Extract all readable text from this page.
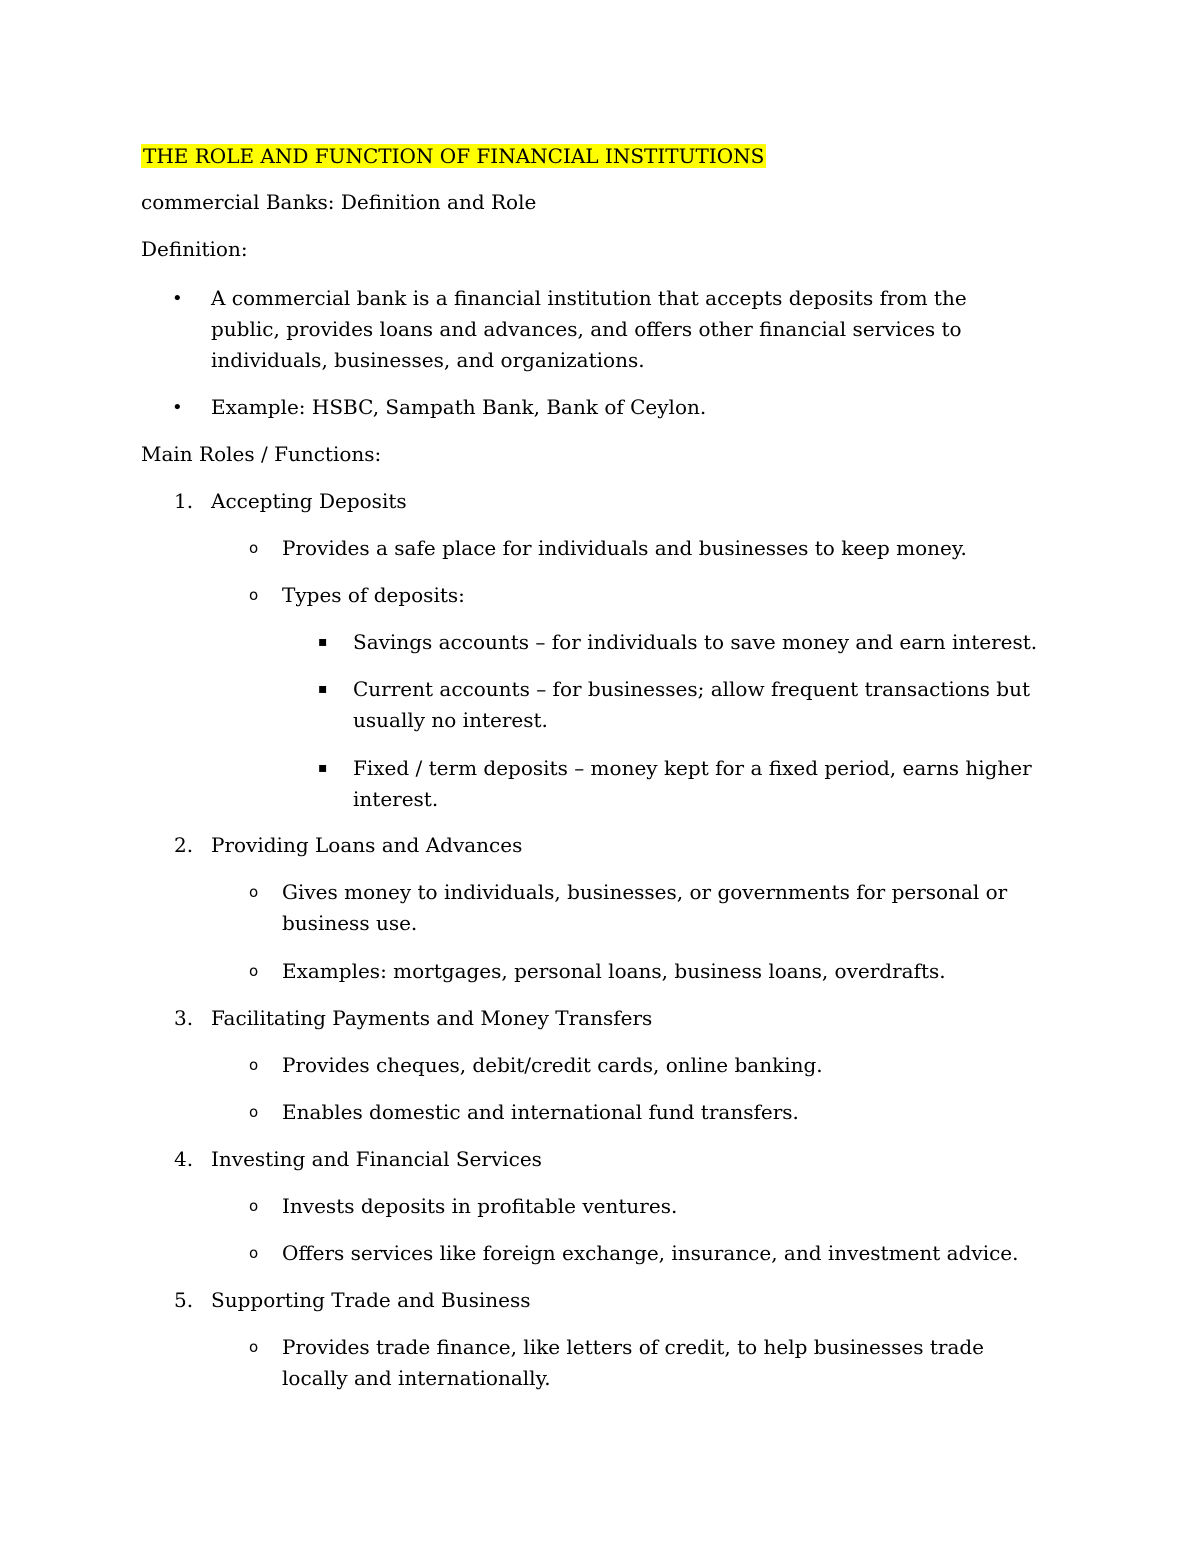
THE ROLE AND FUNCTION OF FINANCIAL INSTITUTIONS
commercial Banks: Definition and Role
Definition:
• A commercial bank is a financial institution that accepts deposits from the public, provides loans and advances, and offers other financial services to individuals, businesses, and organizations.
• Example: HSBC, Sampath Bank, Bank of Ceylon.
Main Roles / Functions:
1. Accepting Deposits
o Provides a safe place for individuals and businesses to keep money.
o Types of deposits:
▪ Savings accounts – for individuals to save money and earn interest.
▪ Current accounts – for businesses; allow frequent transactions but usually no interest.
▪ Fixed / term deposits – money kept for a fixed period, earns higher interest.
2. Providing Loans and Advances
o Gives money to individuals, businesses, or governments for personal or business use.
o Examples: mortgages, personal loans, business loans, overdrafts.
3. Facilitating Payments and Money Transfers
o Provides cheques, debit/credit cards, online banking.
o Enables domestic and international fund transfers.
4. Investing and Financial Services
o Invests deposits in profitable ventures.
o Offers services like foreign exchange, insurance, and investment advice.
5. Supporting Trade and Business
o Provides trade finance, like letters of credit, to help businesses trade locally and internationally.
